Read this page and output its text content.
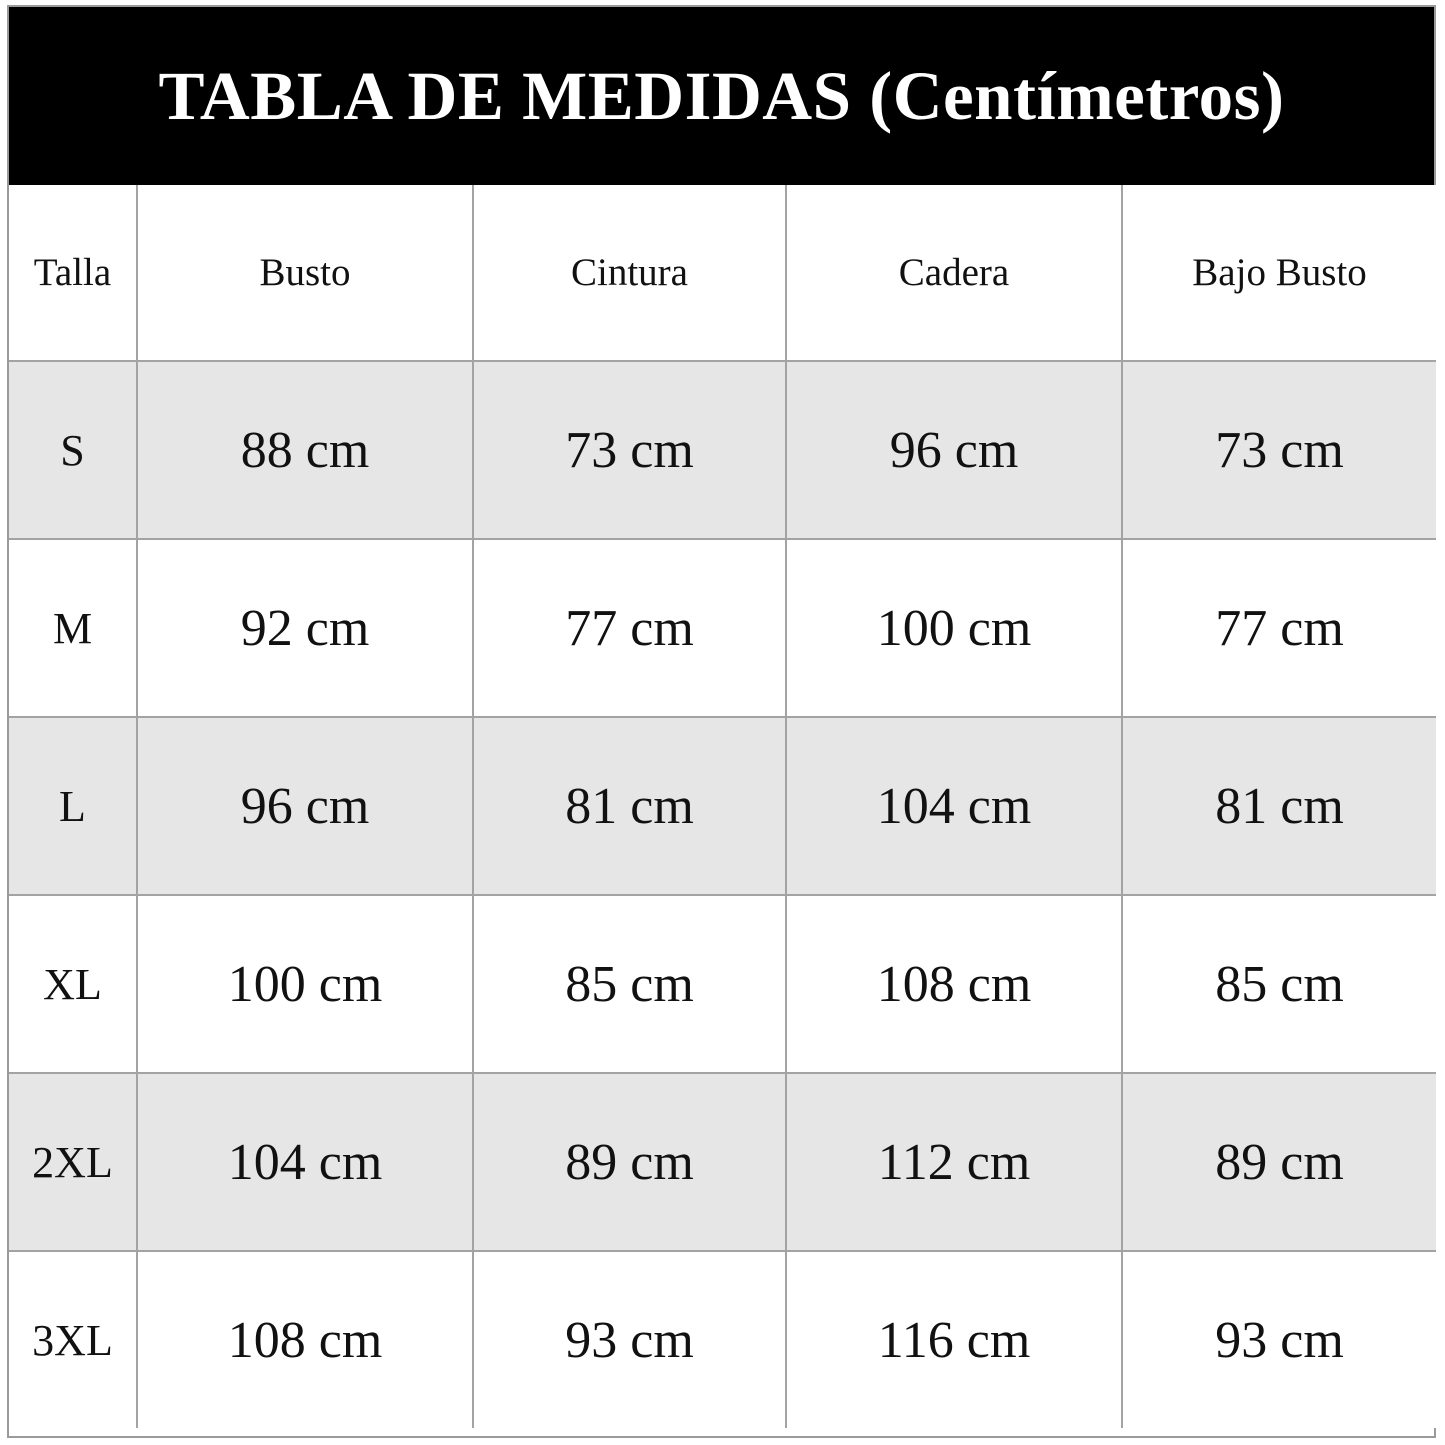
TABLA DE MEDIDAS (Centímetros)
Talla	Busto	Cintura	Cadera	Bajo Busto
S	88 cm	73 cm	96 cm	73 cm
M	92 cm	77 cm	100 cm	77 cm
L	96 cm	81 cm	104 cm	81 cm
XL	100 cm	85 cm	108 cm	85 cm
2XL	104 cm	89 cm	112 cm	89 cm
3XL	108 cm	93 cm	116 cm	93 cm
